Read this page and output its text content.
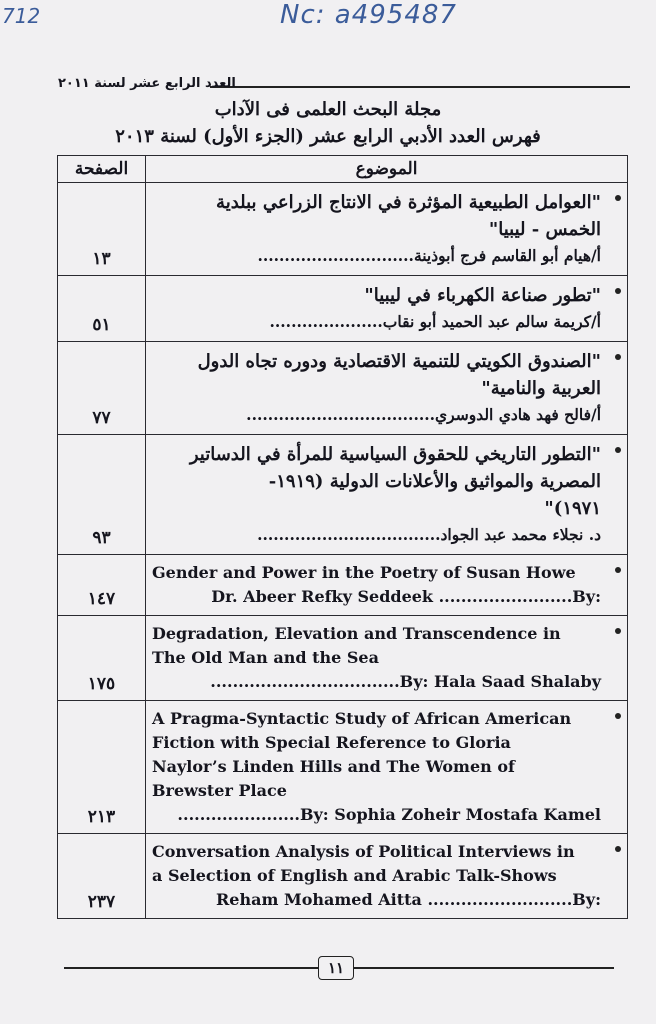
Nc: a495487
712
العدد الرابع عشر لسنة ٢٠١١
مجلة البحث العلمى فى الآداب
فهرس العدد الأدبي الرابع عشر (الجزء الأول) لسنة ٢٠١٣
الصفحة	الموضوع
١٣	"العوامل الطبيعية المؤثرة في الانتاج الزراعي ببلدية
الخمس - ليبيا"
أ/هيام أبو القاسم فرج أبوذينة.............................

٥١	"تطور صناعة الكهرباء في ليبيا"
أ/كريمة سالم عبد الحميد أبو نقاب.....................

٧٧	"الصندوق الكويتي للتنمية الاقتصادية ودوره تجاه الدول
العربية والنامية"
أ/فالح فهد هادي الدوسري...................................

٩٣	"التطور التاريخي للحقوق السياسية للمرأة في الدساتير
المصرية والمواثيق والأعلانات الدولية (١٩١٩-
١٩٧١)"
د. نجلاء محمد عبد الجواد..................................

١٤٧	Gender and Power in the Poetry of Susan Howe
Dr. Abeer Refky Seddeek ........................By:

١٧٥	Degradation, Elevation and Transcendence in
The Old Man and the Sea
..................................By: Hala Saad Shalaby

٢١٣	A Pragma-Syntactic Study of African American
Fiction with Special Reference to Gloria
Naylor’s Linden Hills and The Women of
Brewster Place
......................By: Sophia Zoheir Mostafa Kamel

٢٣٧	Conversation Analysis of Political Interviews in
a Selection of English and Arabic Talk-Shows
Reham Mohamed Aitta ..........................By:
١١
